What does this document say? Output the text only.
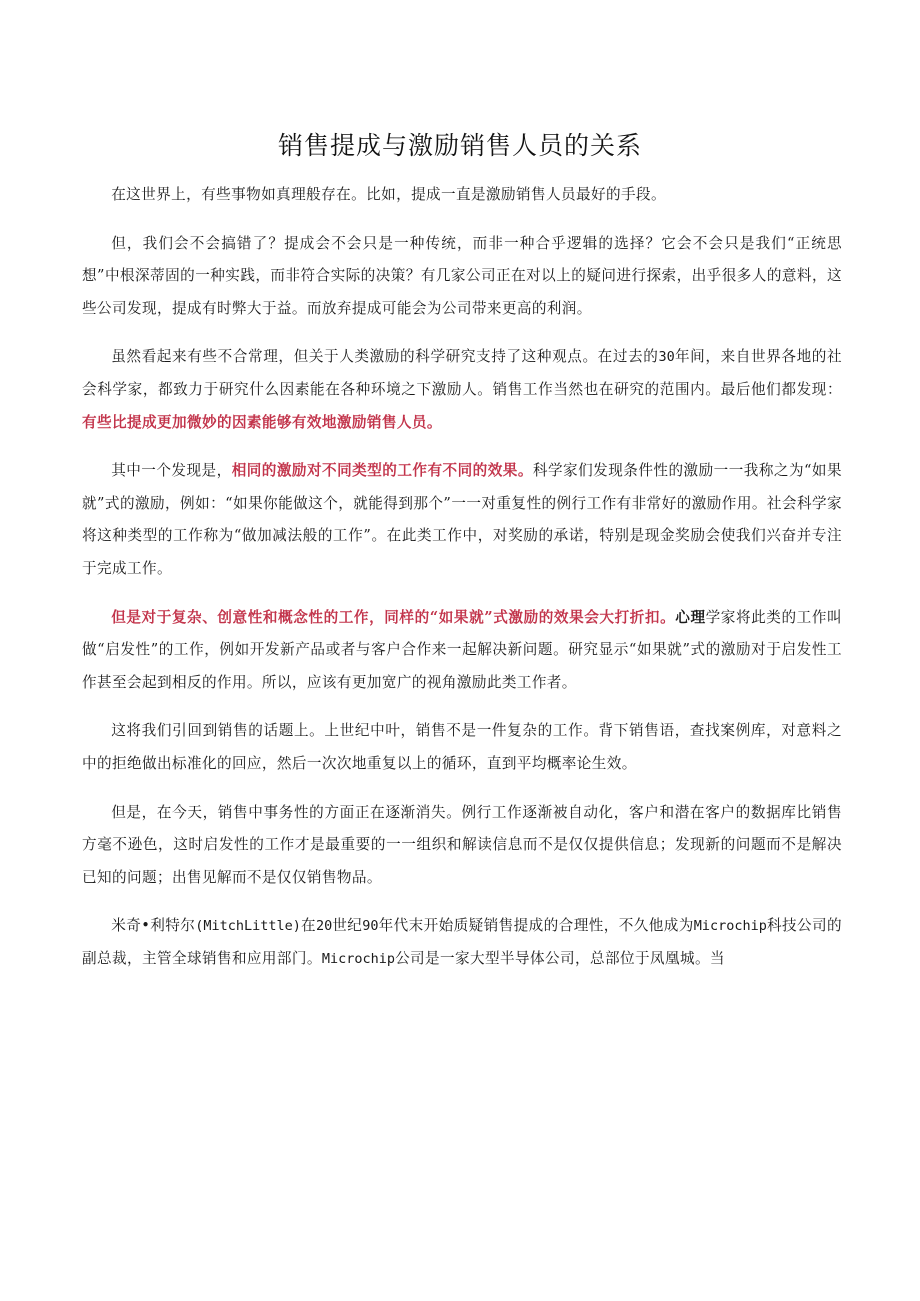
销售提成与激励销售人员的关系

在这世界上，有些事物如真理般存在。比如，提成一直是激励销售人员最好的手段。

但，我们会不会搞错了？提成会不会只是一种传统，而非一种合乎逻辑的选择？它会不会只是我们“正统思想”中根深蒂固的一种实践，而非符合实际的决策？有几家公司正在对以上的疑问进行探索，出乎很多人的意料，这些公司发现，提成有时弊大于益。而放弃提成可能会为公司带来更高的利润。

虽然看起来有些不合常理，但关于人类激励的科学研究支持了这种观点。在过去的30年间，来自世界各地的社会科学家，都致力于研究什么因素能在各种环境之下激励人。销售工作当然也在研究的范围内。最后他们都发现：有些比提成更加微妙的因素能够有效地激励销售人员。

其中一个发现是，相同的激励对不同类型的工作有不同的效果。科学家们发现条件性的激励一一我称之为“如果就”式的激励，例如：“如果你能做这个，就能得到那个”一一对重复性的例行工作有非常好的激励作用。社会科学家将这种类型的工作称为“做加减法般的工作”。在此类工作中，对奖励的承诺，特别是现金奖励会使我们兴奋并专注于完成工作。

但是对于复杂、创意性和概念性的工作，同样的“如果就”式激励的效果会大打折扣。心理学家将此类的工作叫做“启发性”的工作，例如开发新产品或者与客户合作来一起解决新问题。研究显示“如果就”式的激励对于启发性工作甚至会起到相反的作用。所以，应该有更加宽广的视角激励此类工作者。

这将我们引回到销售的话题上。上世纪中叶，销售不是一件复杂的工作。背下销售语，查找案例库，对意料之中的拒绝做出标准化的回应，然后一次次地重复以上的循环，直到平均概率论生效。

但是，在今天，销售中事务性的方面正在逐渐消失。例行工作逐渐被自动化，客户和潜在客户的数据库比销售方毫不逊色，这时启发性的工作才是最重要的一一组织和解读信息而不是仅仅提供信息；发现新的问题而不是解决已知的问题；出售见解而不是仅仅销售物品。

米奇•利特尔(MitchLittle)在20世纪90年代末开始质疑销售提成的合理性，不久他成为Microchip科技公司的副总裁，主管全球销售和应用部门。Microchip公司是一家大型半导体公司，总部位于凤凰城。当
